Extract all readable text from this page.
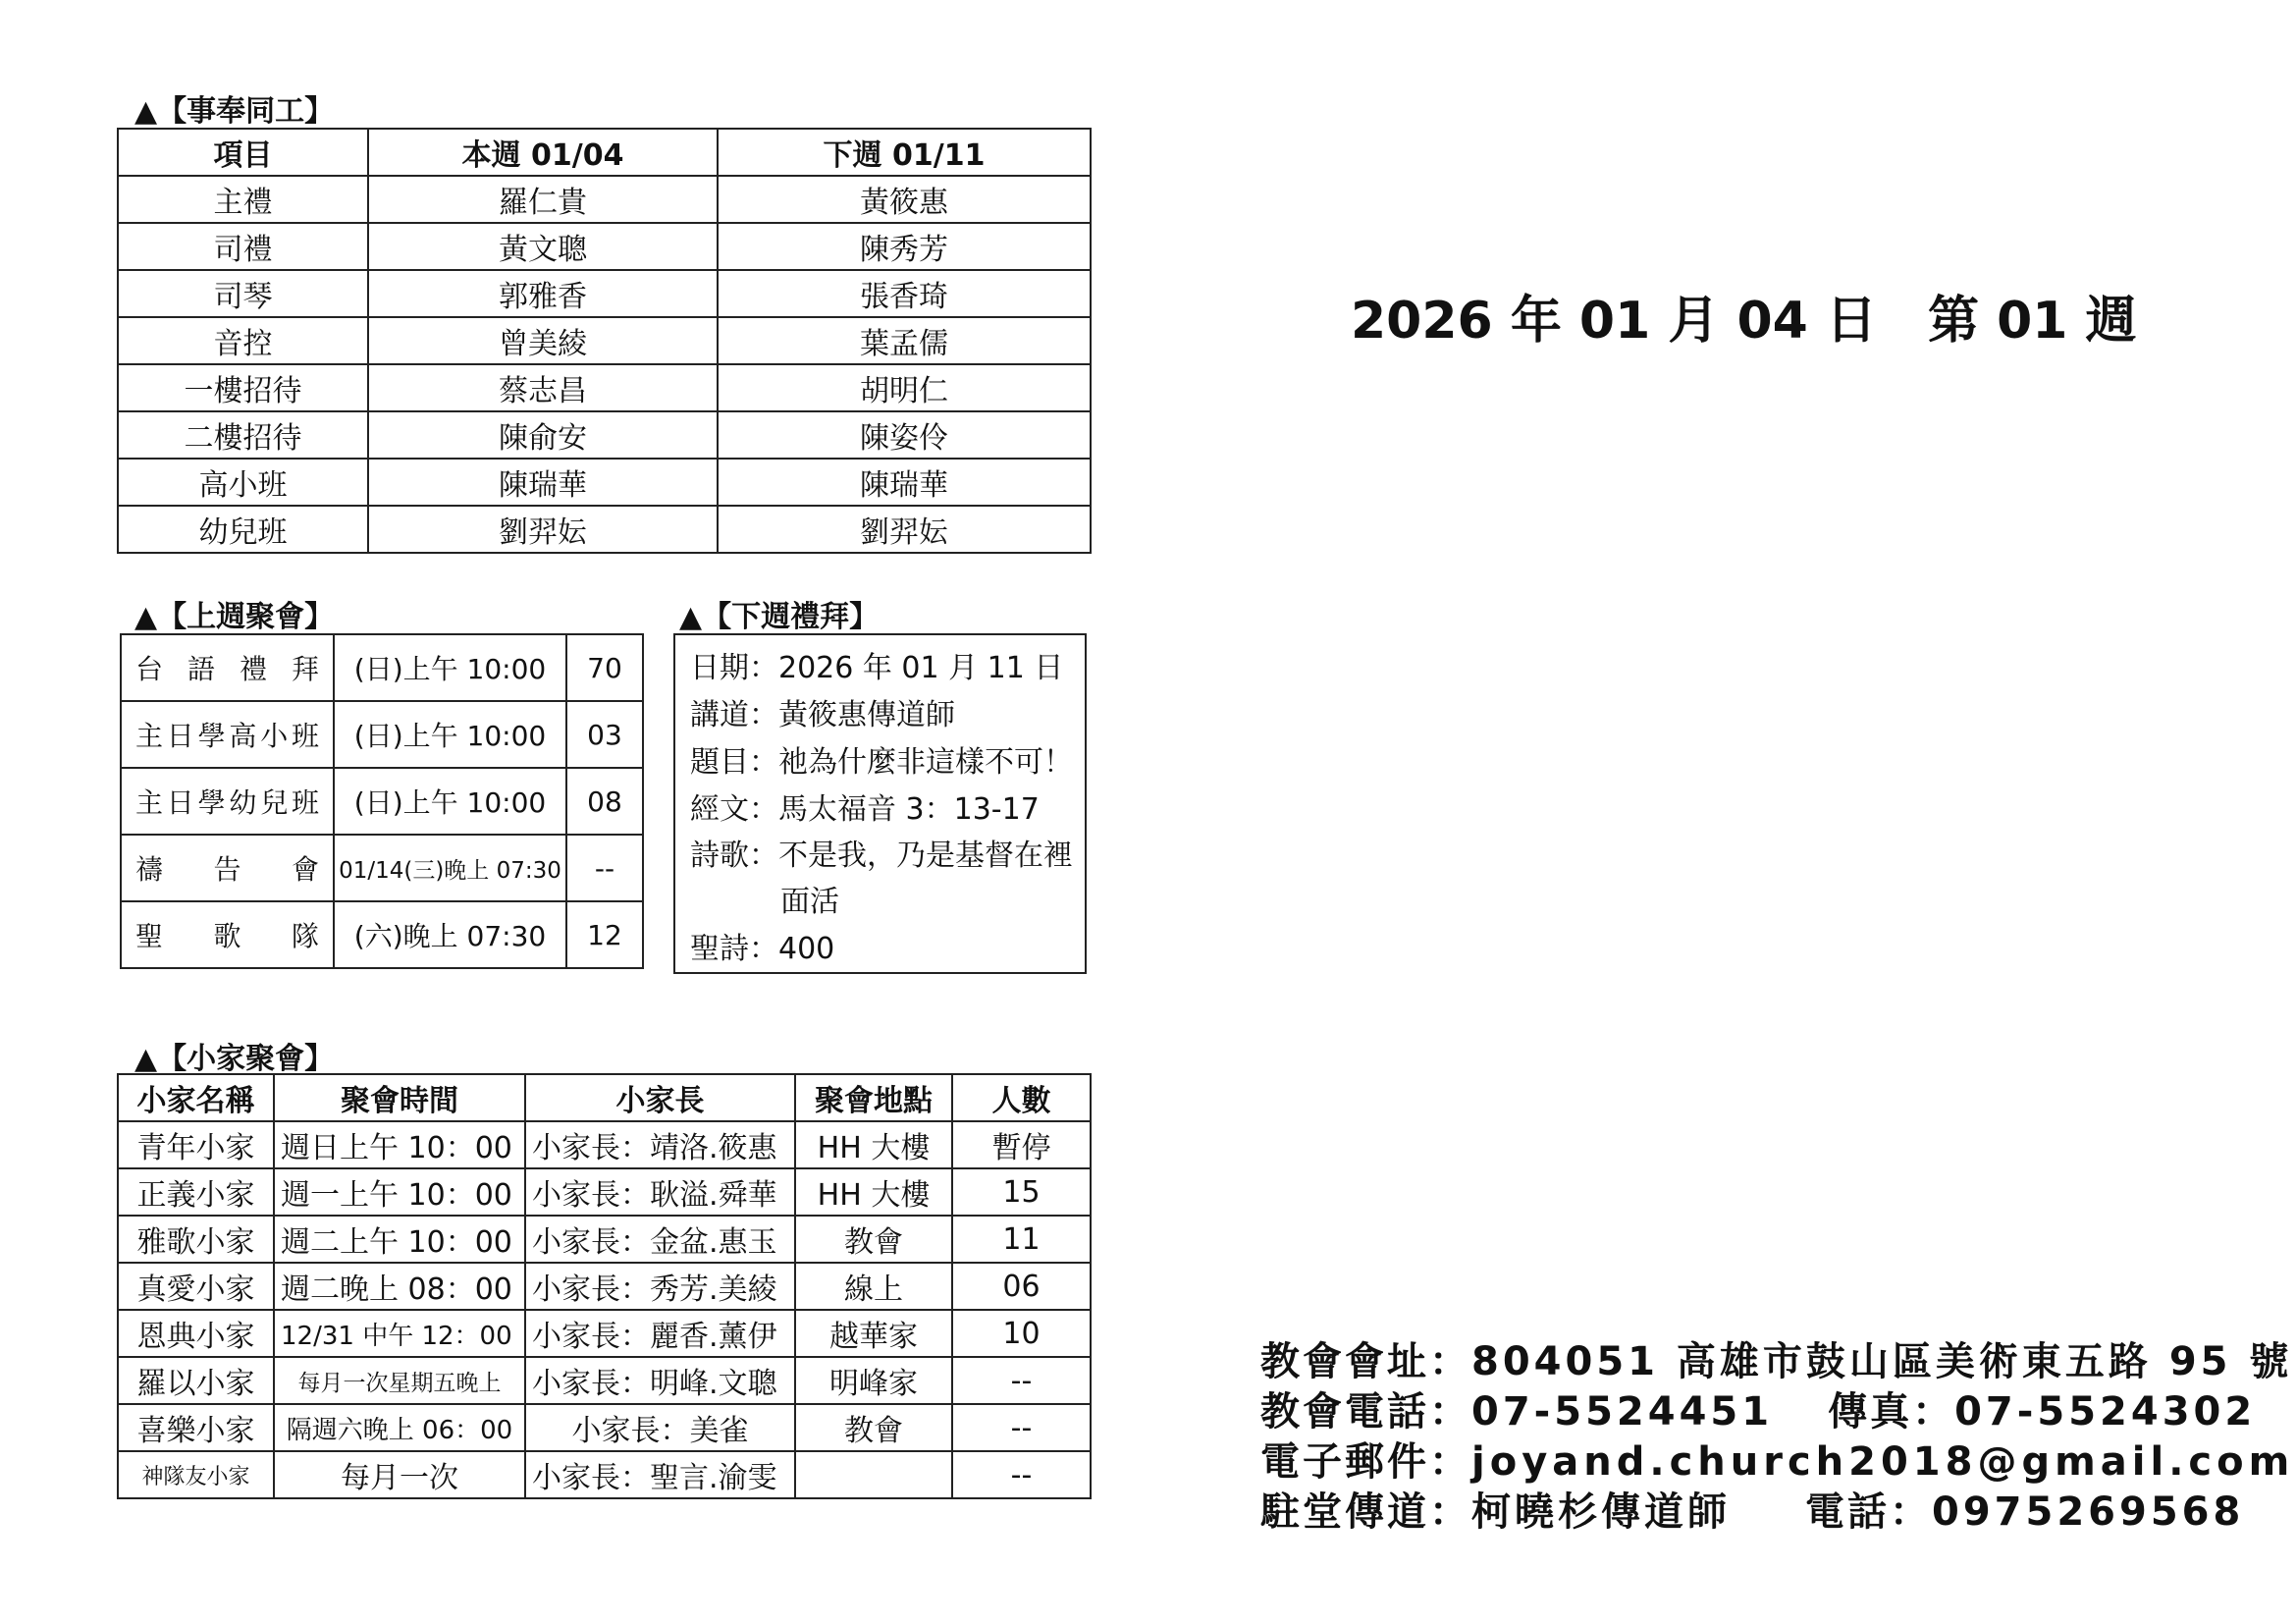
▲【事奉同工】
項目	本週 01/04	下週 01/11
主禮	羅仁貴	黃筱惠
司禮	黃文聰	陳秀芳
司琴	郭雅香	張香琦
音控	曾美綾	葉孟儒
一樓招待	蔡志昌	胡明仁
二樓招待	陳俞安	陳姿伶
高小班	陳瑞華	陳瑞華
幼兒班	劉羿妘	劉羿妘
▲【上週聚會】
台語禮拜	(日)上午 10:00	70
主日學高小班	(日)上午 10:00	03
主日學幼兒班	(日)上午 10:00	08
禱告會	01/14(三)晚上 07:30	--
聖歌隊	(六)晚上 07:30	12
▲【下週禮拜】
日期：2026 年 01 月 11 日
講道：黃筱惠傳道師
題目：祂為什麼非這樣不可！
經文：馬太福音 3：13-17
詩歌：不是我，乃是基督在裡
面活
聖詩：400
▲【小家聚會】
小家名稱	聚會時間	小家長	聚會地點	人數
青年小家	週日上午 10：00	小家長：靖洛.筱惠	HH 大樓	暫停
正義小家	週一上午 10：00	小家長：耿溢.舜華	HH 大樓	15
雅歌小家	週二上午 10：00	小家長：金盆.惠玉	教會	11
真愛小家	週二晚上 08：00	小家長：秀芳.美綾	線上	06
恩典小家	12/31 中午 12：00	小家長：麗香.薰伊	越華家	10
羅以小家	每月一次星期五晚上	小家長：明峰.文聰	明峰家	--
喜樂小家	隔週六晚上 06：00	小家長：美雀	教會	--
神隊友小家	每月一次	小家長：聖言.渝雯		--
2026 年 01 月 04 日　第 01 週
教會會址：804051 高雄市鼓山區美術東五路 95 號
教會電話：07-5524451 傳真：07-5524302
電子郵件：joyand.church2018@gmail.com
駐堂傳道：柯曉杉傳道師 電話：0975269568
